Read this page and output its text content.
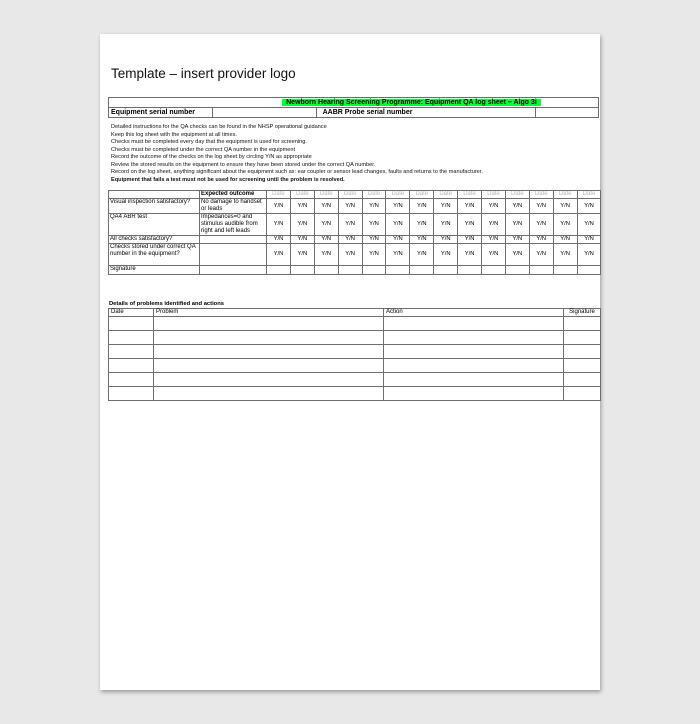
Template – insert provider logo
Newborn Hearing Screening Programme: Equipment QA log sheet – Algo 3i
Equipment serial number		AABR Probe serial number	
Detailed instructions for the QA checks can be found in the NHSP operational guidance
Keep this log sheet with the equipment at all times.
Checks must be completed every day that the equipment is used for screening.
Checks must be completed under the correct QA number in the equipment
Record the outcome of the checks on the log sheet by circling Y/N as appropriate
Review the stored results on the equipment to ensure they have been stored under the correct QA number.
Record on the log sheet, anything significant about the equipment such as: ear coupler or sensor lead changes, faults and returns to the manufacturer.
Equipment that fails a test must not be used for screening until the problem is resolved.
	Expected outcome	Date	Date	Date	Date	Date	Date	Date	Date	Date	Date	Date	Date	Date	Date
Visual inspection satisfactory?	No damage to handset or leads	Y/N	Y/N	Y/N	Y/N	Y/N	Y/N	Y/N	Y/N	Y/N	Y/N	Y/N	Y/N	Y/N	Y/N
QA4 ABR test	Impedances=0 and stimulus audible from right and left leads	Y/N	Y/N	Y/N	Y/N	Y/N	Y/N	Y/N	Y/N	Y/N	Y/N	Y/N	Y/N	Y/N	Y/N
All checks satisfactory?		Y/N	Y/N	Y/N	Y/N	Y/N	Y/N	Y/N	Y/N	Y/N	Y/N	Y/N	Y/N	Y/N	Y/N
Checks stored under correct QA number in the equipment?		Y/N	Y/N	Y/N	Y/N	Y/N	Y/N	Y/N	Y/N	Y/N	Y/N	Y/N	Y/N	Y/N	Y/N
Signature															
Details of problems identified and actions
Date	Problem	Action	Signature
